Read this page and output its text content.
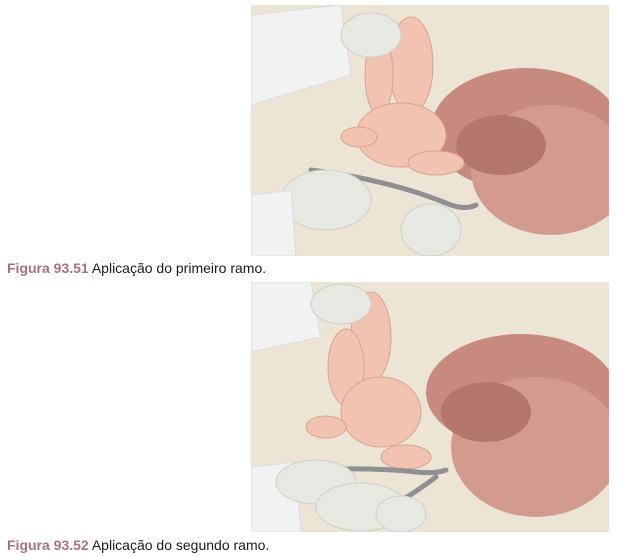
Figura 93.51 Aplicação do primeiro ramo.
Figura 93.52 Aplicação do segundo ramo.
